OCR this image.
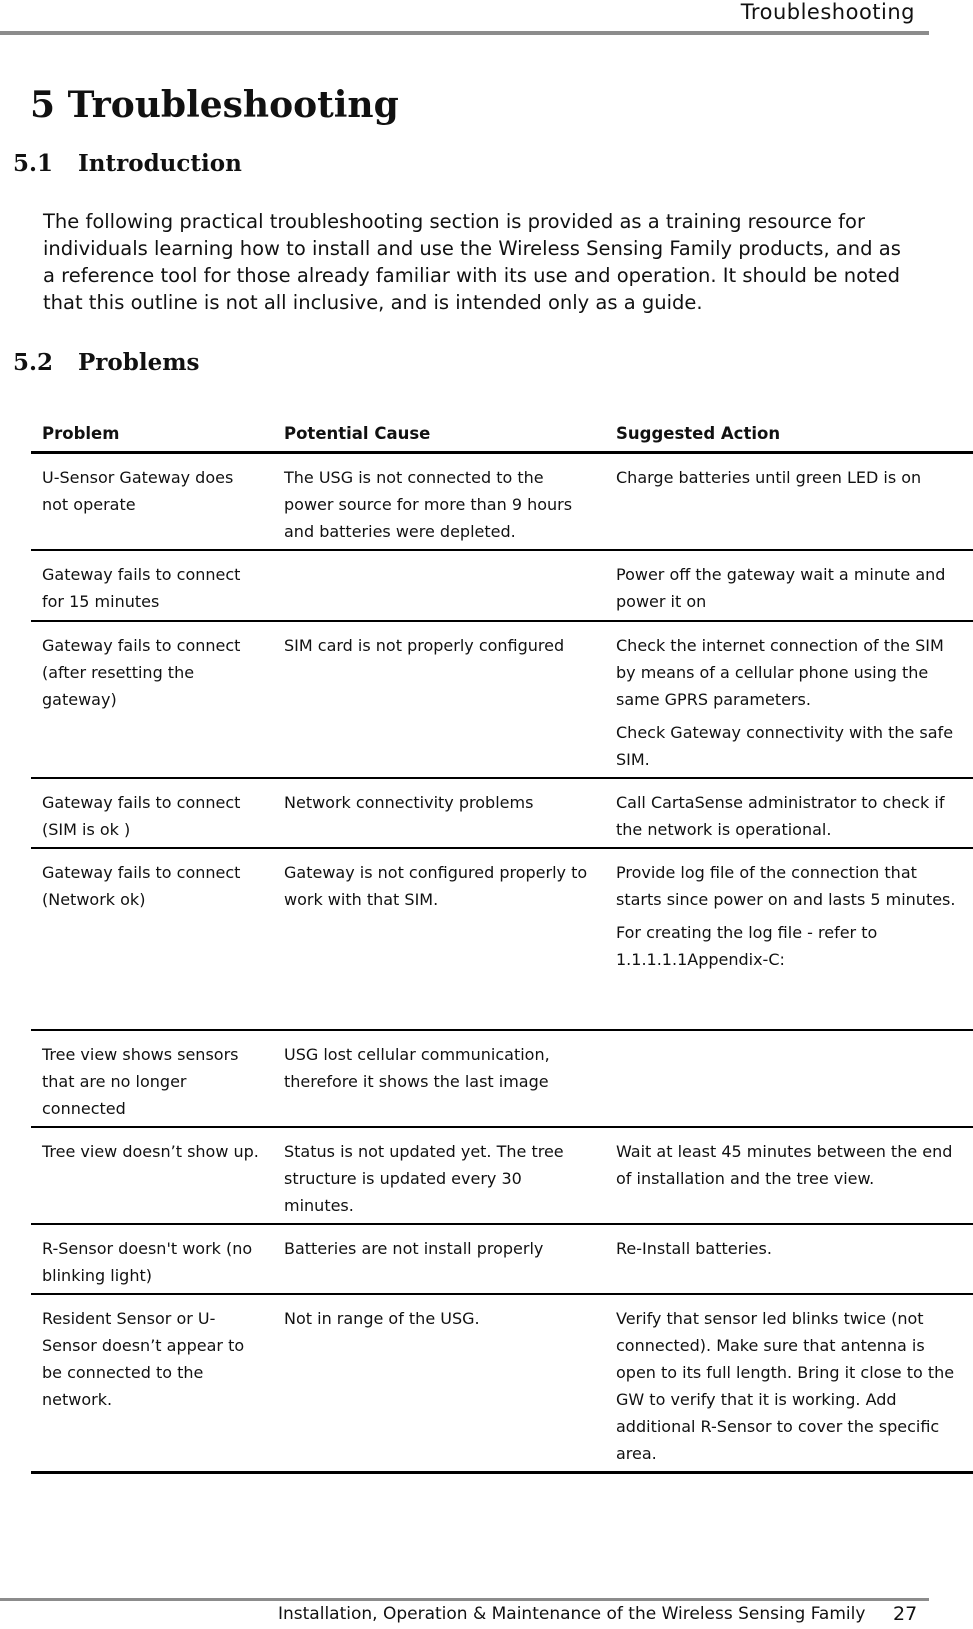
Troubleshooting
5 Troubleshooting
5.1 Introduction

The following practical troubleshooting section is provided as a training resource for individuals learning how to install and use the Wireless Sensing Family products, and as a reference tool for those already familiar with its use and operation. It should be noted that this outline is not all inclusive, and is intended only as a guide.

5.2 Problems
Problem	Potential Cause	Suggested Action
U-Sensor Gateway does not operate	The USG is not connected to the power source for more than 9 hours and batteries were depleted.	Charge batteries until green LED is on

Gateway fails to connect for 15 minutes		Power off the gateway wait a minute and power it on

Gateway fails to connect (after resetting the gateway)	SIM card is not properly configured	Check the internet connection of the SIM by means of a cellular phone using the same GPRS parameters.

Check Gateway connectivity with the safe SIM.

Gateway fails to connect (SIM is ok )	Network connectivity problems	Call CartaSense administrator to check if the network is operational.

Gateway fails to connect (Network ok)	Gateway is not configured properly to work with that SIM.	Provide log file of the connection that starts since power on and lasts 5 minutes.

For creating the log file - refer to 1.1.1.1.1Appendix-C:

Tree view shows sensors that are no longer connected	USG lost cellular communication, therefore it shows the last image	
Tree view doesn’t show up.	Status is not updated yet. The tree structure is updated every 30 minutes.	Wait at least 45 minutes between the end of installation and the tree view.

R-Sensor doesn't work (no blinking light)	Batteries are not install properly	Re-Install batteries.

Resident Sensor or U-Sensor doesn’t appear to be connected to the network.	Not in range of the USG.	Verify that sensor led blinks twice (not connected). Make sure that antenna is open to its full length. Bring it close to the GW to verify that it is working. Add additional R-Sensor to cover the specific area.

Installation, Operation & Maintenance of the Wireless Sensing Family 27
